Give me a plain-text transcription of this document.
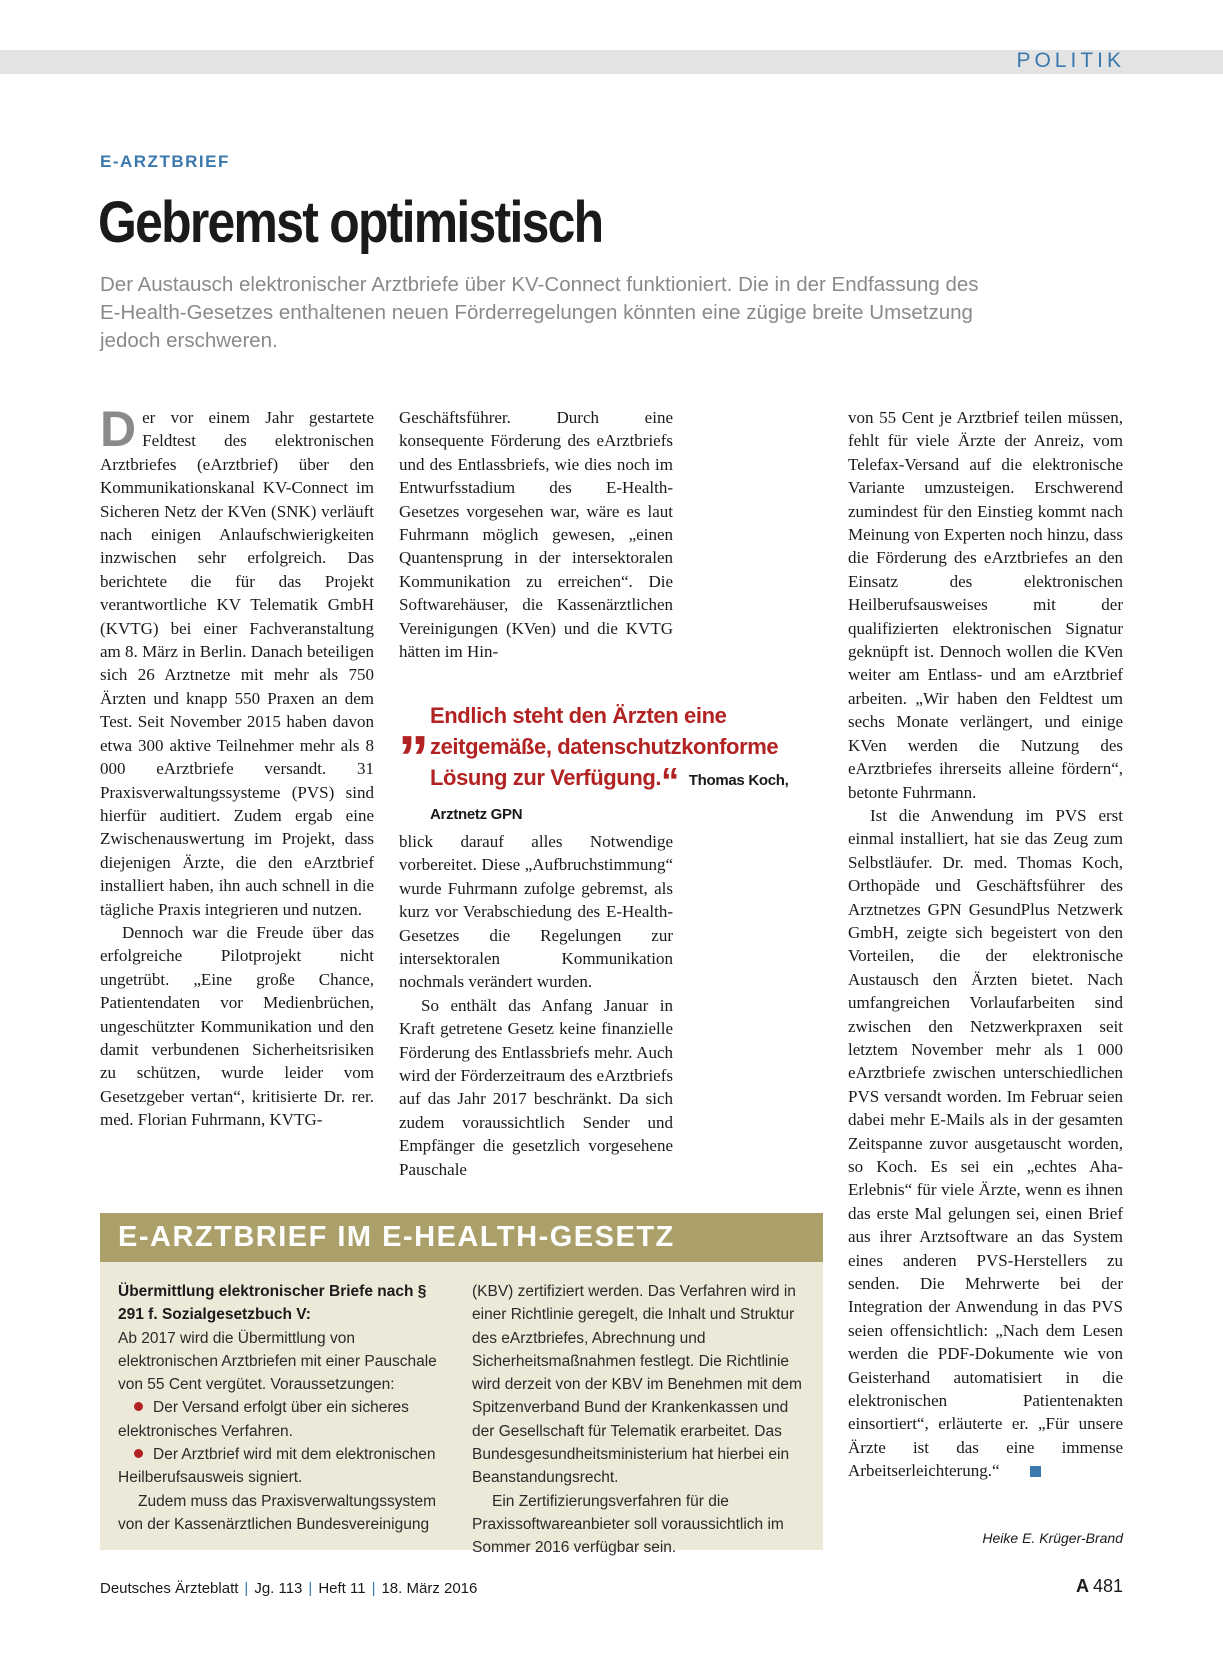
POLITIK
E-ARZTBRIEF
Gebremst optimistisch

Der Austausch elektronischer Arztbriefe über KV-Connect funktioniert. Die in der Endfassung des E-Health-Gesetzes enthaltenen neuen Förderregelungen könnten eine zügige breite Umsetzung jedoch erschweren.

Der vor einem Jahr gestartete Feldtest des elektronischen Arztbriefes (eArztbrief) über den Kommunikationskanal KV-Connect im Sicheren Netz der KVen (SNK) verläuft nach einigen Anlaufschwierigkeiten inzwischen sehr erfolgreich. Das berichtete die für das Projekt verantwortliche KV Telematik GmbH (KVTG) bei einer Fachveranstaltung am 8. März in Berlin. Danach beteiligen sich 26 Arztnetze mit mehr als 750 Ärzten und knapp 550 Praxen an dem Test. Seit November 2015 haben davon etwa 300 aktive Teilnehmer mehr als 8 000 eArztbriefe versandt. 31 Praxisverwaltungssysteme (PVS) sind hierfür auditiert. Zudem ergab eine Zwischenauswertung im Projekt, dass diejenigen Ärzte, die den eArztbrief installiert haben, ihn auch schnell in die tägliche Praxis integrieren und nutzen.

Dennoch war die Freude über das erfolgreiche Pilotprojekt nicht ungetrübt. „Eine große Chance, Patientendaten vor Medienbrüchen, ungeschützter Kommunikation und den damit verbundenen Sicherheitsrisiken zu schützen, wurde leider vom Gesetzgeber vertan“, kritisierte Dr. rer. med. Florian Fuhrmann, KVTG-

Geschäftsführer. Durch eine konsequente Förderung des eArztbriefs und des Entlassbriefs, wie dies noch im Entwurfsstadium des E-Health-Gesetzes vorgesehen war, wäre es laut Fuhrmann möglich gewesen, „einen Quantensprung in der intersektoralen Kommunikation zu erreichen“. Die Softwarehäuser, die Kassenärztlichen Vereinigungen (KVen) und die KVTG hätten im Hin-

„ Endlich steht den Ärzten eine zeitgemäße, datenschutzkonforme Lösung zur Verfügung.“ Thomas Koch, Arztnetz GPN

blick darauf alles Notwendige vorbereitet. Diese „Aufbruchstimmung“ wurde Fuhrmann zufolge gebremst, als kurz vor Verabschiedung des E-Health-Gesetzes die Regelungen zur intersektoralen Kommunikation nochmals verändert wurden.

So enthält das Anfang Januar in Kraft getretene Gesetz keine finanzielle Förderung des Entlassbriefs mehr. Auch wird der Förderzeitraum des eArztbriefs auf das Jahr 2017 beschränkt. Da sich zudem voraussichtlich Sender und Empfänger die gesetzlich vorgesehene Pauschale

von 55 Cent je Arztbrief teilen müssen, fehlt für viele Ärzte der Anreiz, vom Telefax-Versand auf die elektronische Variante umzusteigen. Erschwerend zumindest für den Einstieg kommt nach Meinung von Experten noch hinzu, dass die Förderung des eArztbriefes an den Einsatz des elektronischen Heilberufsausweises mit der qualifizierten elektronischen Signatur geknüpft ist. Dennoch wollen die KVen weiter am Entlass- und am eArztbrief arbeiten. „Wir haben den Feldtest um sechs Monate verlängert, und einige KVen werden die Nutzung des eArztbriefes ihrerseits alleine fördern“, betonte Fuhrmann.

Ist die Anwendung im PVS erst einmal installiert, hat sie das Zeug zum Selbstläufer. Dr. med. Thomas Koch, Orthopäde und Geschäftsführer des Arztnetzes GPN GesundPlus Netzwerk GmbH, zeigte sich begeistert von den Vorteilen, die der elektronische Austausch den Ärzten bietet. Nach umfangreichen Vorlaufarbeiten sind zwischen den Netzwerkpraxen seit letztem November mehr als 1 000 eArztbriefe zwischen unterschiedlichen PVS versandt worden. Im Februar seien dabei mehr E-Mails als in der gesamten Zeitspanne zuvor ausgetauscht worden, so Koch. Es sei ein „echtes Aha-Erlebnis“ für viele Ärzte, wenn es ihnen das erste Mal gelungen sei, einen Brief aus ihrer Arztsoftware an das System eines anderen PVS-Herstellers zu senden. Die Mehrwerte bei der Integration der Anwendung in das PVS seien offensichtlich: „Nach dem Lesen werden die PDF-Dokumente wie von Geisterhand automatisiert in die elektronischen Patientenakten einsortiert“, erläuterte er. „Für unsere Ärzte ist das eine immense Arbeitserleichterung.“

Heike E. Krüger-Brand
E-ARZTBRIEF IM E-HEALTH-GESETZ

Übermittlung elektronischer Briefe nach § 291 f. Sozialgesetzbuch V:

Ab 2017 wird die Übermittlung von elektronischen Arztbriefen mit einer Pauschale von 55 Cent vergütet. Voraussetzungen:

Der Versand erfolgt über ein sicheres elektronisches Verfahren.

Der Arztbrief wird mit dem elektronischen Heilberufsausweis signiert.

Zudem muss das Praxisverwaltungssystem von der Kassenärztlichen Bundesvereinigung

(KBV) zertifiziert werden. Das Verfahren wird in einer Richtlinie geregelt, die Inhalt und Struktur des eArztbriefes, Abrechnung und Sicherheitsmaßnahmen festlegt. Die Richtlinie wird derzeit von der KBV im Benehmen mit dem Spitzenverband Bund der Krankenkassen und der Gesellschaft für Telematik erarbeitet. Das Bundesgesundheitsministerium hat hierbei ein Beanstandungsrecht.

Ein Zertifizierungsverfahren für die Praxissoftwareanbieter soll voraussichtlich im Sommer 2016 verfügbar sein.

Deutsches Ärzteblatt | Jg. 113 | Heft 11 | 18. März 2016	A 481
